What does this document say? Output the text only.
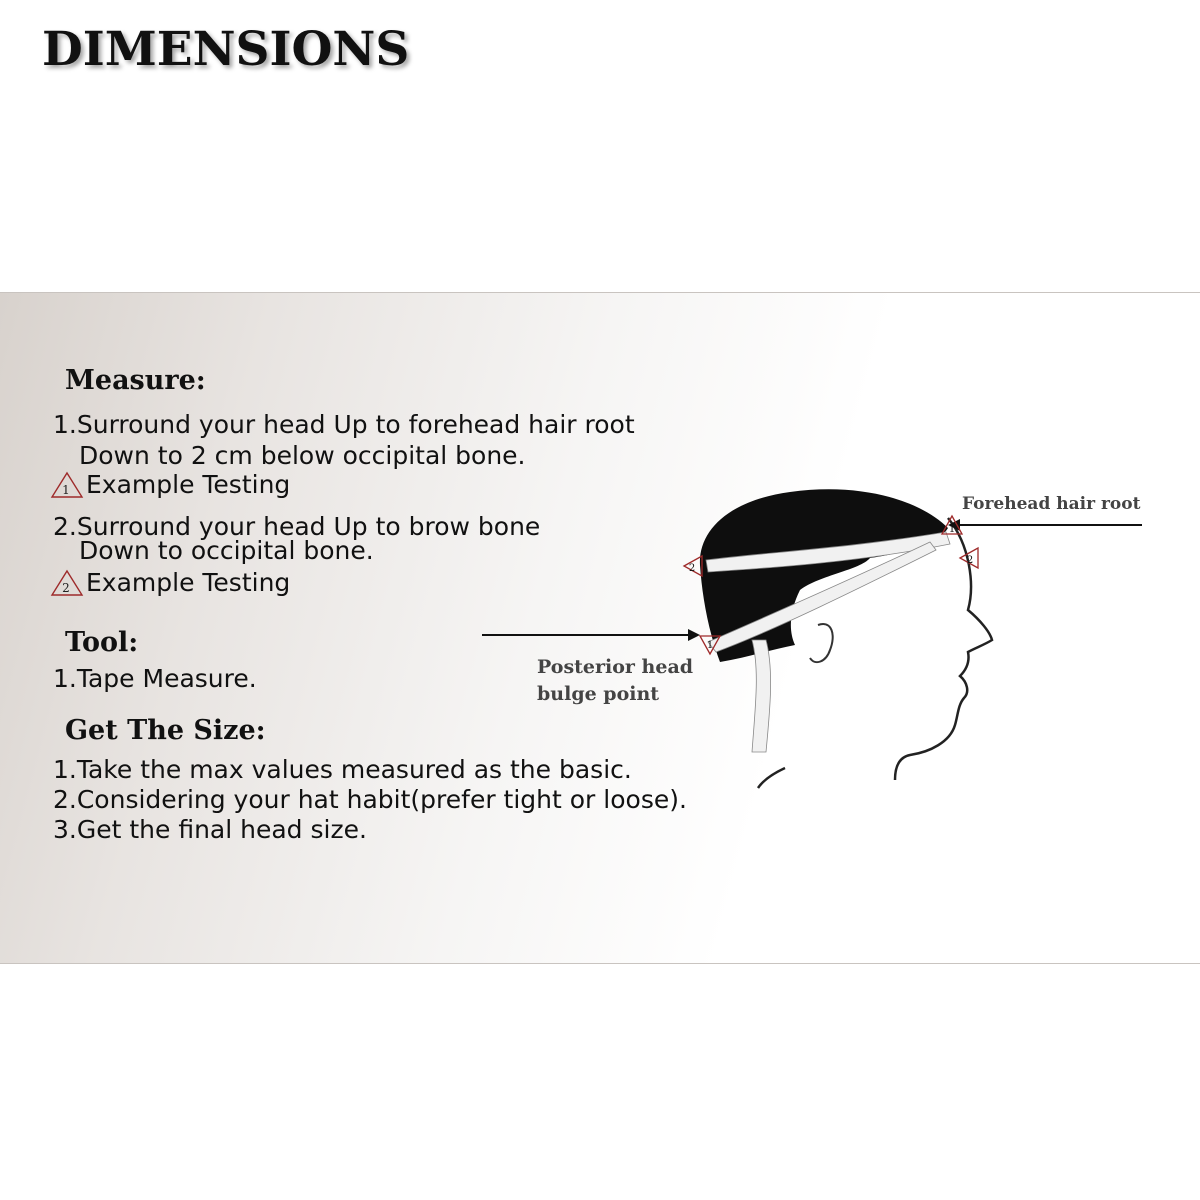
DIMENSIONS
Measure:
1.Surround your head Up to forehead hair root
Down to 2 cm below occipital bone.
1 Example Testing
2.Surround your head Up to brow bone
Down to occipital bone.
2 Example Testing
Tool:
1.Tape Measure.
Get The Size:
1.Take the max values measured as the basic.
2.Considering your hat habit(prefer tight or loose).
3.Get the final head size.
1
2
1
2
Forehead hair root
Posterior head
bulge point
